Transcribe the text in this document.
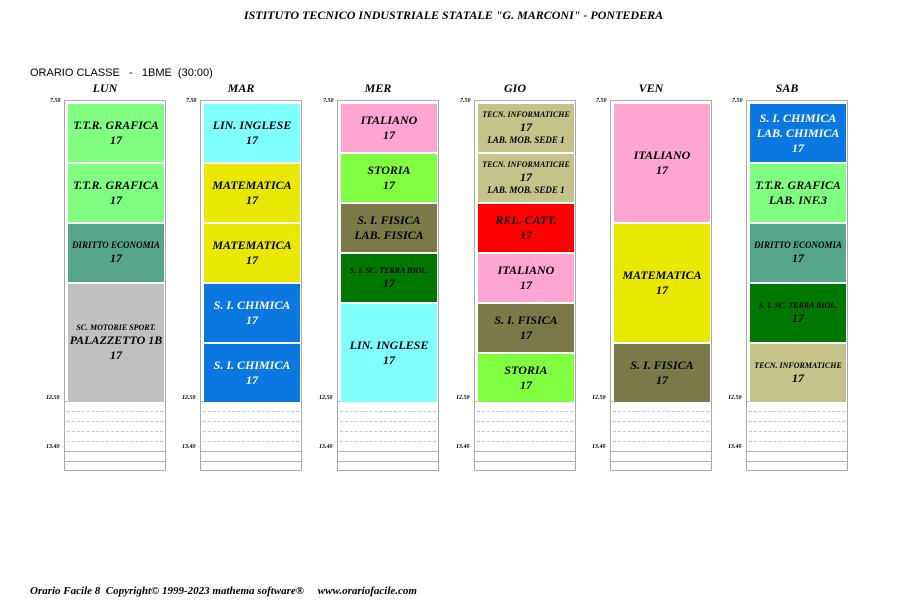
ISTITUTO TECNICO INDUSTRIALE STATALE "G. MARCONI" - PONTEDERA
ORARIO CLASSE   -   1BME  (30:00)
LUN
7.50
12.50
13.40
T.T.R. GRAFICA
17
T.T.R. GRAFICA
17
DIRITTO ECONOMIA
17
SC. MOTORIE SPORT.
PALAZZETTO 1B
17
MAR
7.50
12.50
13.40
LIN. INGLESE
17
MATEMATICA
17
MATEMATICA
17
S. I. CHIMICA
17
S. I. CHIMICA
17
MER
7.50
12.50
13.40
ITALIANO
17
STORIA
17
S. I. FISICA
LAB. FISICA
S. I. SC. TERRA BIOL.
17
LIN. INGLESE
17
GIO
7.50
12.50
13.40
TECN. INFORMATICHE
17
LAB. MOB. SEDE 1
TECN. INFORMATICHE
17
LAB. MOB. SEDE 1
REL. CATT.
17
ITALIANO
17
S. I. FISICA
17
STORIA
17
VEN
7.50
12.50
13.40
ITALIANO
17
MATEMATICA
17
S. I. FISICA
17
SAB
7.50
12.50
13.40
S. I. CHIMICA
LAB. CHIMICA
17
T.T.R. GRAFICA
LAB. INF.3
DIRITTO ECONOMIA
17
S. I. SC. TERRA BIOL.
17
TECN. INFORMATICHE
17
Orario Facile 8  Copyright© 1999-2023 mathema software®     www.orariofacile.com
